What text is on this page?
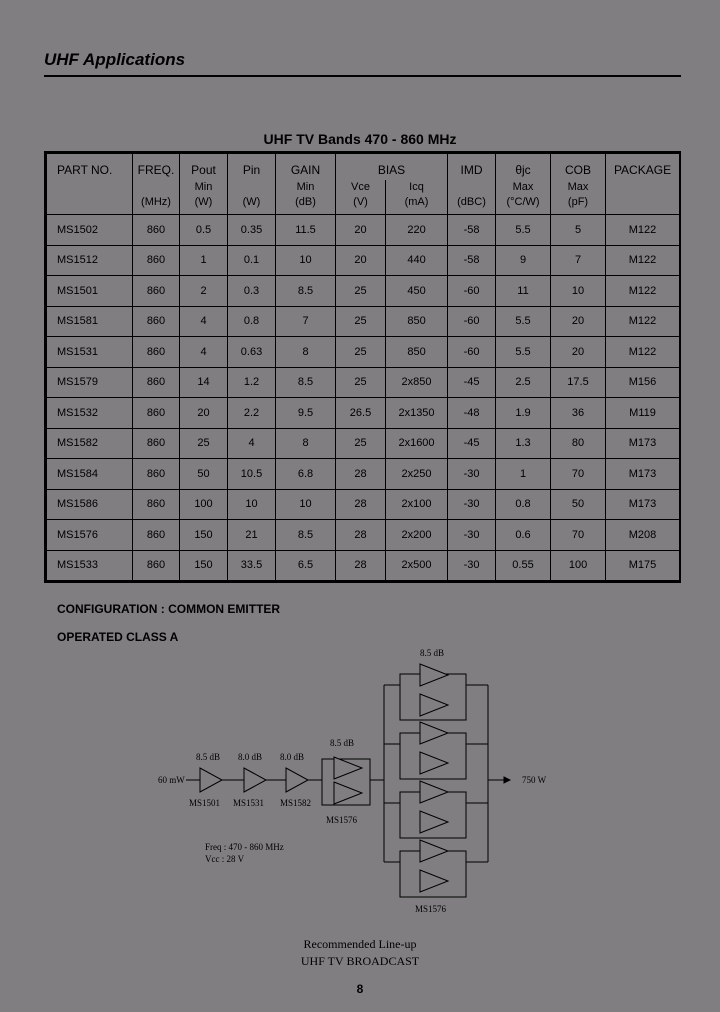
UHF Applications
UHF TV Bands 470 - 860 MHz
PART NO.	FREQ.	Pout	Pin	GAIN	BIAS		IMD	θjc	COB	PACKAGE
		Min		Min	Vce	Icq		Max	Max	
	(MHz)	(W)	(W)	(dB)	(V)	(mA)	(dBC)	(°C/W)	(pF)	
MS1502	860	0.5	0.35	11.5	20	220	-58	5.5	5	M122
MS1512	860	1	0.1	10	20	440	-58	9	7	M122
MS1501	860	2	0.3	8.5	25	450	-60	11	10	M122
MS1581	860	4	0.8	7	25	850	-60	5.5	20	M122
MS1531	860	4	0.63	8	25	850	-60	5.5	20	M122
MS1579	860	14	1.2	8.5	25	2x850	-45	2.5	17.5	M156
MS1532	860	20	2.2	9.5	26.5	2x1350	-48	1.9	36	M119
MS1582	860	25	4	8	25	2x1600	-45	1.3	80	M173
MS1584	860	50	10.5	6.8	28	2x250	-30	1	70	M173
MS1586	860	100	10	10	28	2x100	-30	0.8	50	M173
MS1576	860	150	21	8.5	28	2x200	-30	0.6	70	M208
MS1533	860	150	33.5	6.5	28	2x500	-30	0.55	100	M175
CONFIGURATION : COMMON EMITTER
OPERATED CLASS A
60 mW	750 W
8.5 dB
MS1501
8.0 dB
MS1531
8.0 dB
MS1582
8.5 dB
MS1576
8.5 dB
MS1576
Freq : 470 - 860 MHz
Vcc : 28 V
Recommended Line-up
UHF TV BROADCAST
8
